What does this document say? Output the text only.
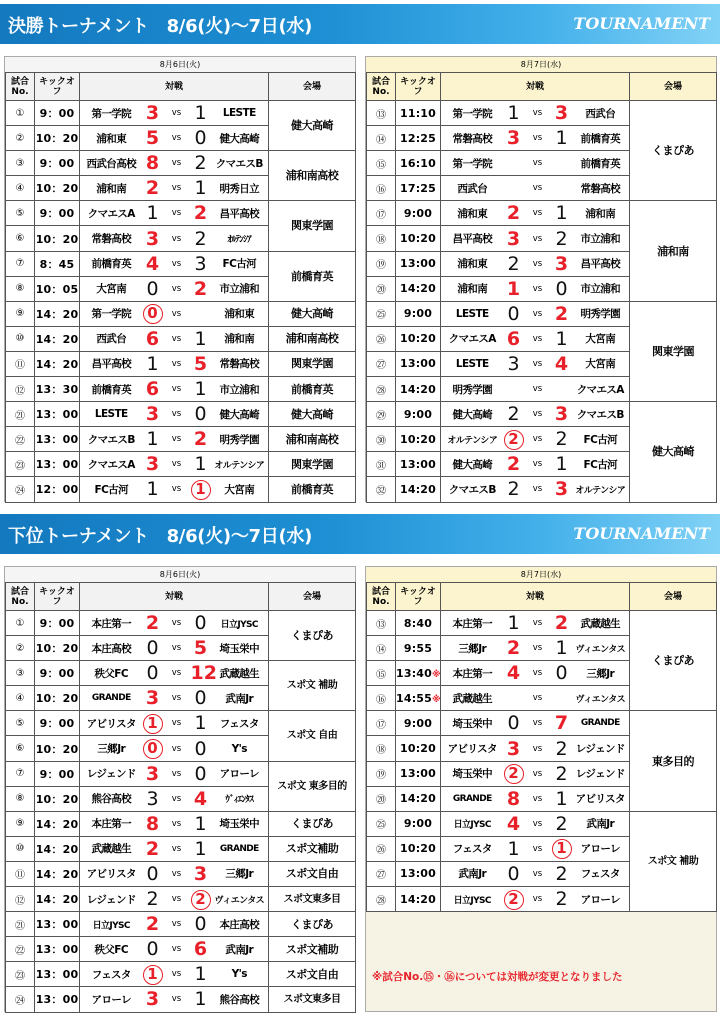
決勝トーナメント　8/6(火)〜7日(水)	TOURNAMENT
8月6日(火)
試合No.	キックオフ	対戦					会場
①	9：00	第一学院	3	vs	1	LESTE	健大高崎
②	10：20	浦和東	5	vs	0	健大高崎	
③	9：00	西武台高校	8	vs	2	クマエスB	浦和南高校
④	10：20	浦和南	2	vs	1	明秀日立	
⑤	9：00	クマエスA	1	vs	2	昌平高校	関東学園
⑥	10：20	常磐高校	3	vs	2	ｵﾙﾃﾝｼｱ	
⑦	8：45	前橋育英	4	vs	3	FC古河	前橋育英
⑧	10：05	大宮南	0	vs	2	市立浦和	
⑨	14：20	第一学院	0	vs		浦和東	健大高崎
⑩	14：20	西武台	6	vs	1	浦和南	浦和南高校
⑪	14：20	昌平高校	1	vs	5	常磐高校	関東学園
⑫	13：30	前橋育英	6	vs	1	市立浦和	前橋育英
㉑	13：00	LESTE	3	vs	0	健大高崎	健大高崎
㉒	13：00	クマエスB	1	vs	2	明秀学園	浦和南高校
㉓	13：00	クマエスA	3	vs	1	オルテンシア	関東学園
㉔	12：00	FC古河	1	vs	1	大宮南	前橋育英
8月7日(水)
試合No.	キックオフ	対戦					会場
⑬	11:10	第一学院	1	vs	3	西武台	くまぴあ
⑭	12:25	常磐高校	3	vs	1	前橋育英	
⑮	16:10	第一学院		vs		前橋育英	
⑯	17:25	西武台		vs		常磐高校	
⑰	9:00	浦和東	2	vs	1	浦和南	浦和南
⑱	10:20	昌平高校	3	vs	2	市立浦和	
⑲	13:00	浦和東	2	vs	3	昌平高校	
⑳	14:20	浦和南	1	vs	0	市立浦和	
㉕	9:00	LESTE	0	vs	2	明秀学園	関東学園
㉖	10:20	クマエスA	6	vs	1	大宮南	
㉗	13:00	LESTE	3	vs	4	大宮南	
㉘	14:20	明秀学園		vs		クマエスA	
㉙	9:00	健大高崎	2	vs	3	クマエスB	健大高崎
㉚	10:20	オルテンシア	2	vs	2	FC古河	
㉛	13:00	健大高崎	2	vs	1	FC古河	
㉜	14:20	クマエスB	2	vs	3	オルテンシア	
下位トーナメント　8/6(火)〜7日(水)	TOURNAMENT
8月6日(火)
試合No.	キックオフ	対戦					会場
①	9：00	本庄第一	2	vs	0	日立JYSC	くまぴあ
②	10：20	本庄高校	0	vs	5	埼玉栄中	
③	9：00	秩父FC	0	vs	12	武蔵越生	スポ文 補助
④	10：20	GRANDE	3	vs	0	武南Jr	
⑤	9：00	アビリスタ	1	vs	1	フェスタ	スポ文 自由
⑥	10：20	三郷Jr	0	vs	0	Y's	
⑦	9：00	レジェンド	3	vs	0	アローレ	スポ文 東多目的
⑧	10：20	熊谷高校	3	vs	4	ｳﾞｨｴﾝﾀｽ	
⑨	14：20	本庄第一	8	vs	1	埼玉栄中	くまぴあ
⑩	14：20	武蔵越生	2	vs	1	GRANDE	スポ文補助
⑪	14：20	アビリスタ	0	vs	3	三郷Jr	スポ文自由
⑫	14：20	レジェンド	2	vs	2	ヴィエンタス	スポ文東多目
㉑	13：00	日立JYSC	2	vs	0	本庄高校	くまぴあ
㉒	13：00	秩父FC	0	vs	6	武南Jr	スポ文補助
㉓	13：00	フェスタ	1	vs	1	Y's	スポ文自由
㉔	13：00	アローレ	3	vs	1	熊谷高校	スポ文東多目
8月7日(水)
試合No.	キックオフ	対戦					会場
⑬	8:40	本庄第一	1	vs	2	武蔵越生	くまぴあ
⑭	9:55	三郷Jr	2	vs	1	ヴィエンタス	
⑮	13:40※	本庄第一	4	vs	0	三郷Jr	
⑯	14:55※	武蔵越生		vs		ヴィエンタス	
⑰	9:00	埼玉栄中	0	vs	7	GRANDE	東多目的
⑱	10:20	アビリスタ	3	vs	2	レジェンド	
⑲	13:00	埼玉栄中	2	vs	2	レジェンド	
⑳	14:20	GRANDE	8	vs	1	アビリスタ	
㉕	9:00	日立JYSC	4	vs	2	武南Jr	スポ文 補助
㉖	10:20	フェスタ	1	vs	1	アローレ	
㉗	13:00	武南Jr	0	vs	2	フェスタ	
㉘	14:20	日立JYSC	2	vs	2	アローレ	
※試合No.⑮・⑯については対戦が変更となりました
